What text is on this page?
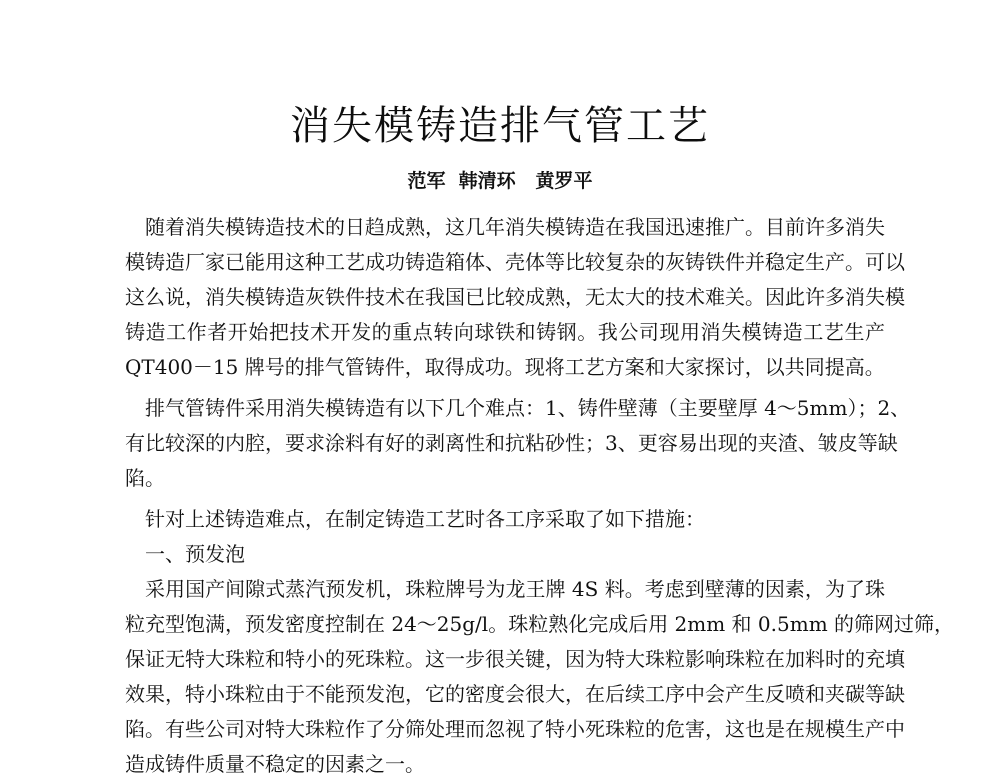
消失模铸造排气管工艺
范军  韩清环   黄罗平
　随着消失模铸造技术的日趋成熟，这几年消失模铸造在我国迅速推广。目前许多消失
模铸造厂家已能用这种工艺成功铸造箱体、壳体等比较复杂的灰铸铁件并稳定生产。可以
这么说，消失模铸造灰铁件技术在我国已比较成熟，无太大的技术难关。因此许多消失模
铸造工作者开始把技术开发的重点转向球铁和铸钢。我公司现用消失模铸造工艺生产
QT400－15 牌号的排气管铸件，取得成功。现将工艺方案和大家探讨，以共同提高。
　排气管铸件采用消失模铸造有以下几个难点：1、铸件壁薄（主要壁厚 4～5mm）；2、
有比较深的内腔，要求涂料有好的剥离性和抗粘砂性；3、更容易出现的夹渣、皱皮等缺
陷。
　针对上述铸造难点，在制定铸造工艺时各工序采取了如下措施：
　一、预发泡
　采用国产间隙式蒸汽预发机，珠粒牌号为龙王牌 4S 料。考虑到壁薄的因素，为了珠
粒充型饱满，预发密度控制在 24～25g/l。珠粒熟化完成后用 2mm 和 0.5mm 的筛网过筛，
保证无特大珠粒和特小的死珠粒。这一步很关键，因为特大珠粒影响珠粒在加料时的充填
效果，特小珠粒由于不能预发泡，它的密度会很大，在后续工序中会产生反喷和夹碳等缺
陷。有些公司对特大珠粒作了分筛处理而忽视了特小死珠粒的危害，这也是在规模生产中
造成铸件质量不稳定的因素之一。
